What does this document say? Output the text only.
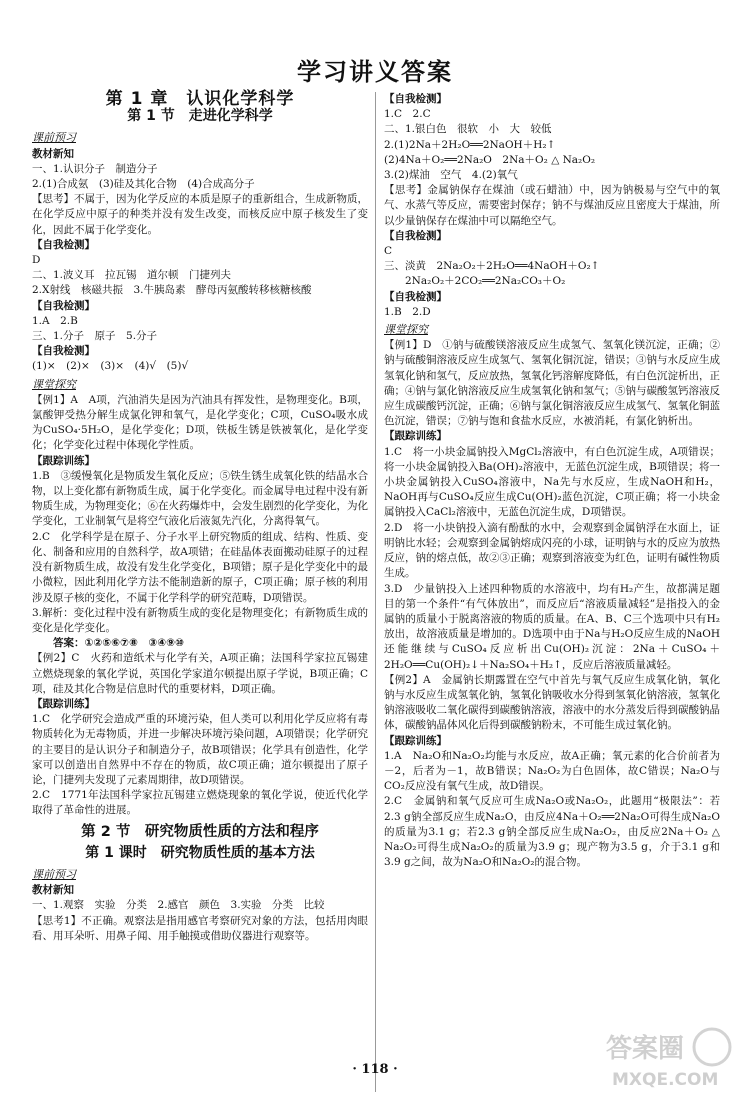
学习讲义答案
第 1 章　认识化学科学
第 1 节　走进化学科学
课前预习
教材新知
一、1.认识分子　制造分子
2.(1)合成氨　(3)硅及其化合物　(4)合成高分子
【思考】不属于，因为化学反应的本质是原子的重新组合，生成新物质，在化学反应中原子的种类并没有发生改变，而核反应中原子核发生了变化，因此不属于化学变化。
【自我检测】
D
二、1.波义耳　拉瓦锡　道尔顿　门捷列夫
2.X射线　核磁共振　3.牛胰岛素　酵母丙氨酸转移核糖核酸
【自我检测】
1.A　2.B
三、1.分子　原子　5.分子
【自我检测】
(1)×　(2)×　(3)×　(4)√　(5)√
课堂探究
【例1】A　A项，汽油消失是因为汽油具有挥发性，是物理变化。B项，氯酸钾受热分解生成氯化钾和氧气，是化学变化；C项，CuSO₄吸水成为CuSO₄·5H₂O，是化学变化；D项，铁板生锈是铁被氧化，是化学变化；化学变化过程中体现化学性质。
【跟踪训练】
1.B　③缓慢氧化是物质发生氧化反应；⑤铁生锈生成氧化铁的结晶水合物，以上变化都有新物质生成，属于化学变化。而金属导电过程中没有新物质生成，为物理变化；⑥在火药爆炸中，会发生剧烈的化学变化，为化学变化，工业制氧气是将空气液化后液氮先汽化，分离得氧气。
2.C　化学科学是在原子、分子水平上研究物质的组成、结构、性质、变化、制备和应用的自然科学，故A项错；在硅晶体表面搬动硅原子的过程没有新物质生成，故没有发生化学变化，B项错；原子是化学变化中的最小微粒，因此利用化学方法不能制造新的原子，C项正确；原子核的利用涉及原子核的变化，不属于化学科学的研究范畴，D项错误。
3.解析：变化过程中没有新物质生成的变化是物理变化；有新物质生成的变化是化学变化。
　　答案：①②⑤⑥⑦⑧　③④⑨⑩
【例2】C　火药和造纸术与化学有关，A项正确；法国科学家拉瓦锡建立燃烧现象的氧化学说，英国化学家道尔顿提出原子学说，B项正确；C项，硅及其化合物是信息时代的重要材料，D项正确。
【跟踪训练】
1.C　化学研究会造成严重的环境污染，但人类可以利用化学反应将有毒物质转化为无毒物质，并进一步解决环境污染问题，A项错误；化学研究的主要目的是认识分子和制造分子，故B项错误；化学具有创造性，化学家可以创造出自然界中不存在的物质，故C项正确；道尔顿提出了原子论，门捷列夫发现了元素周期律，故D项错误。
2.C　1771年法国科学家拉瓦锡建立燃烧现象的氧化学说，使近代化学取得了革命性的进展。
第 2 节　研究物质性质的方法和程序
第 1 课时　研究物质性质的基本方法
课前预习
教材新知
一、1.观察　实验　分类　2.感官　颜色　3.实验　分类　比较
【思考1】不正确。观察法是指用感官考察研究对象的方法，包括用肉眼看、用耳朵听、用鼻子闻、用手触摸或借助仪器进行观察等。
【自我检测】
1.C　2.C
二、1.银白色　很软　小　大　较低
2.(1)2Na＋2H₂O══2NaOH＋H₂↑
(2)4Na＋O₂══2Na₂O　2Na＋O₂ △ Na₂O₂
3.(2)煤油　空气　4.(2)氧气
【思考】金属钠保存在煤油（或石蜡油）中，因为钠极易与空气中的氧气、水蒸气等反应，需要密封保存；钠不与煤油反应且密度大于煤油，所以少量钠保存在煤油中可以隔绝空气。
【自我检测】
C
三、淡黄　2Na₂O₂＋2H₂O══4NaOH＋O₂↑
　　2Na₂O₂＋2CO₂══2Na₂CO₃＋O₂
【自我检测】
1.B　2.D
课堂探究
【例1】D　①钠与硫酸镁溶液反应生成氢气、氢氧化镁沉淀，正确；②钠与硫酸铜溶液反应生成氢气、氢氧化铜沉淀，错误；③钠与水反应生成氢氧化钠和氢气，反应放热，氢氧化钙溶解度降低，有白色沉淀析出，正确；④钠与氯化钠溶液反应生成氢氧化钠和氢气；⑤钠与碳酸氢钙溶液反应生成碳酸钙沉淀，正确；⑥钠与氯化铜溶液反应生成氢气、氢氧化铜蓝色沉淀，错误；⑦钠与饱和食盐水反应，水被消耗，有氯化钠析出。
【跟踪训练】
1.C　将一小块金属钠投入MgCl₂溶液中，有白色沉淀生成，A项错误；将一小块金属钠投入Ba(OH)₂溶液中，无蓝色沉淀生成，B项错误；将一小块金属钠投入CuSO₄溶液中，Na先与水反应，生成NaOH和H₂，NaOH再与CuSO₄反应生成Cu(OH)₂蓝色沉淀，C项正确；将一小块金属钠投入CaCl₂溶液中，无蓝色沉淀生成，D项错误。
2.D　将一小块钠投入滴有酚酞的水中，会观察到金属钠浮在水面上，证明钠比水轻；会观察到金属钠熔成闪亮的小球，证明钠与水的反应为放热反应，钠的熔点低，故②③正确；观察到溶液变为红色，证明有碱性物质生成。
3.D　少量钠投入上述四种物质的水溶液中，均有H₂产生，故都满足题目的第一个条件“有气体放出”，而反应后“溶液质量减轻”是指投入的金属钠的质量小于脱离溶液的物质的质量。在A、B、C三个选项中只有H₂放出，故溶液质量是增加的。D选项中由于Na与H₂O反应生成的NaOH还能继续与CuSO₄反应析出Cu(OH)₂沉淀：2Na＋CuSO₄＋2H₂O══Cu(OH)₂↓＋Na₂SO₄＋H₂↑，反应后溶液质量减轻。
【例2】A　金属钠长期露置在空气中首先与氧气反应生成氧化钠，氧化钠与水反应生成氢氧化钠，氢氧化钠吸收水分得到氢氧化钠溶液，氢氧化钠溶液吸收二氧化碳得到碳酸钠溶液，溶液中的水分蒸发后得到碳酸钠晶体，碳酸钠晶体风化后得到碳酸钠粉末，不可能生成过氧化钠。
【跟踪训练】
1.A　Na₂O和Na₂O₂均能与水反应，故A正确；氧元素的化合价前者为－2，后者为－1，故B错误；Na₂O₂为白色固体，故C错误；Na₂O与CO₂反应没有氧气生成，故D错误。
2.C　金属钠和氧气反应可生成Na₂O或Na₂O₂，此题用“极限法”：若2.3 g钠全部反应生成Na₂O，由反应4Na＋O₂══2Na₂O可得生成Na₂O的质量为3.1 g；若2.3 g钠全部反应生成Na₂O₂，由反应2Na＋O₂ △ Na₂O₂可得生成Na₂O₂的质量为3.9 g；现产物为3.5 g，介于3.1 g和3.9 g之间，故为Na₂O和Na₂O₂的混合物。
· 118 ·
答案圈
MXQE.COM
